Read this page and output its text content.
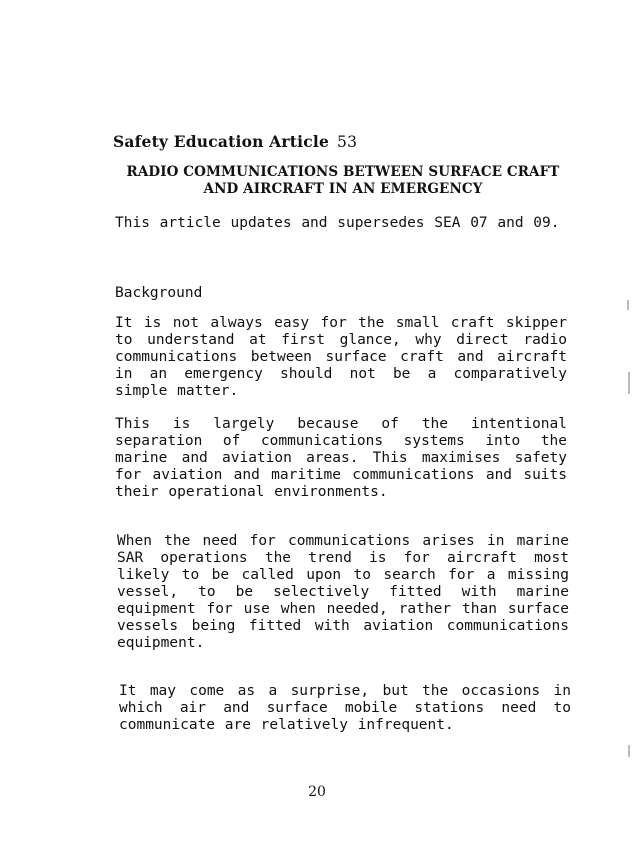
Safety Education Article 53
RADIO COMMUNICATIONS BETWEEN SURFACE CRAFT
AND AIRCRAFT IN AN EMERGENCY
This article updates and supersedes SEA 07 and 09.
Background
It is not always easy for the small craft skipper to understand at first glance, why direct radio communications between surface craft and aircraft in an emergency should not be a comparatively simple matter.
This is largely because of the intentional separation of communications systems into the marine and aviation areas. This maximises safety for aviation and maritime communications and suits their operational environments.
When the need for communications arises in marine SAR operations the trend is for aircraft most likely to be called upon to search for a missing vessel, to be selectively fitted with marine equipment for use when needed, rather than surface vessels being fitted with aviation communications equipment.
It may come as a surprise, but the occasions in which air and surface mobile stations need to communicate are relatively infrequent.
20
